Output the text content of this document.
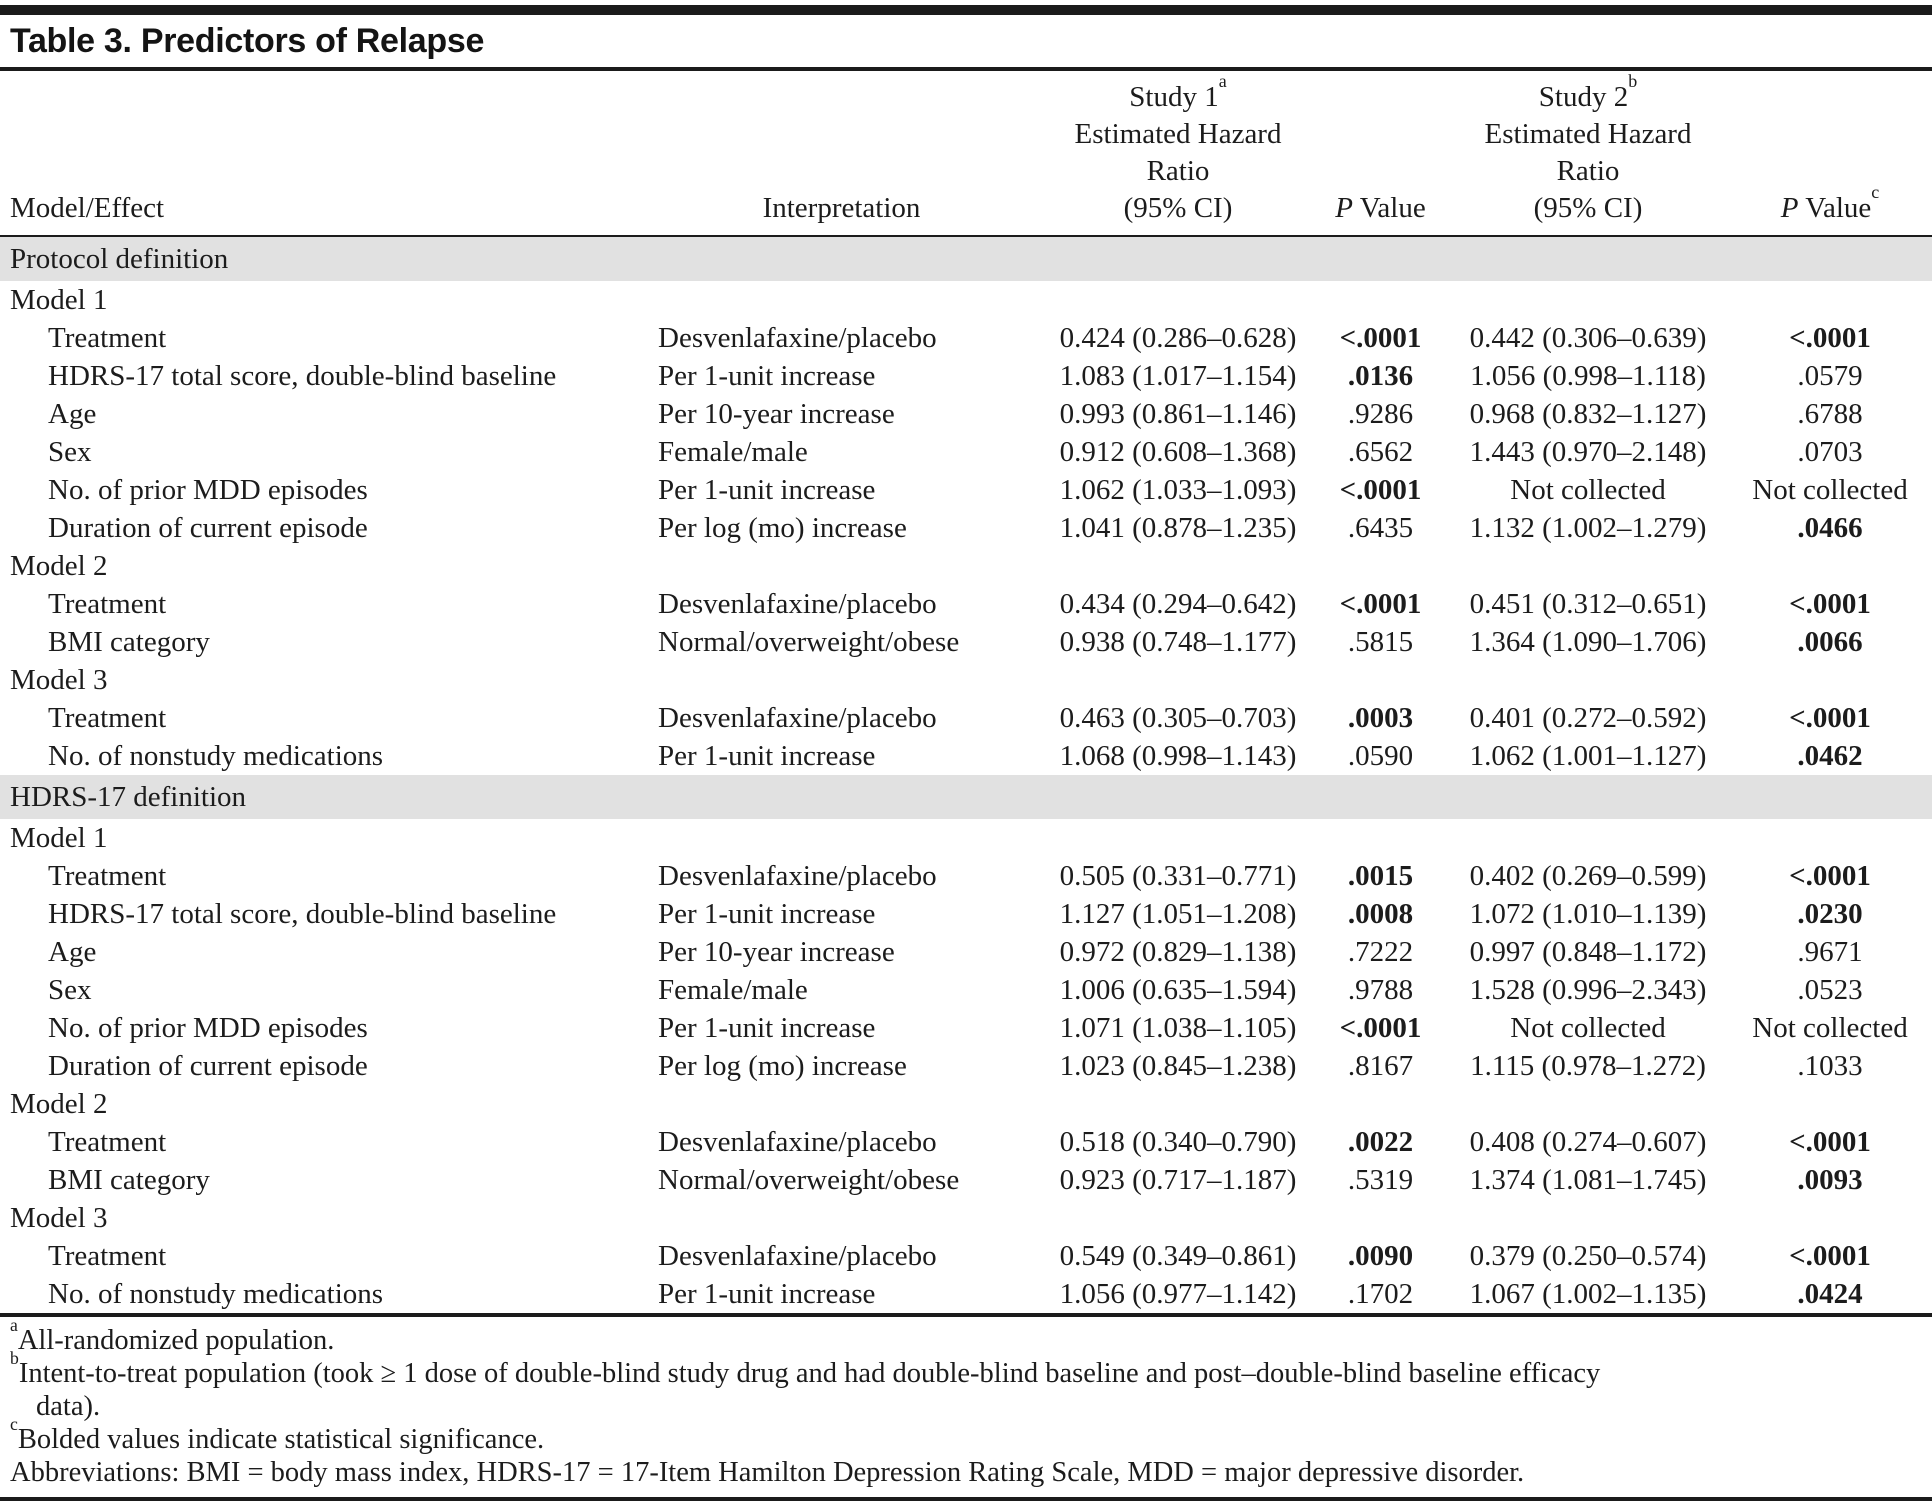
Table 3. Predictors of Relapse
Model/Effect	Interpretation

Study 1$^a$
Estimated Hazard
Ratio
(95% CI)	P Value

Study 2$^b$
Estimated Hazard
Ratio
(95% CI)	P Value$^c$

Protocol definition					
Model 1					
Treatment	Desvenlafaxine/placebo	0.424 (0.286–0.628)	<.0001	0.442 (0.306–0.639)	<.0001
HDRS-17 total score, double-blind baseline	Per 1-unit increase	1.083 (1.017–1.154)	.0136	1.056 (0.998–1.118)	.0579
Age	Per 10-year increase	0.993 (0.861–1.146)	.9286	0.968 (0.832–1.127)	.6788
Sex	Female/male	0.912 (0.608–1.368)	.6562	1.443 (0.970–2.148)	.0703
No. of prior MDD episodes	Per 1-unit increase	1.062 (1.033–1.093)	<.0001	Not collected	Not collected
Duration of current episode	Per log (mo) increase	1.041 (0.878–1.235)	.6435	1.132 (1.002–1.279)	.0466
Model 2					
Treatment	Desvenlafaxine/placebo	0.434 (0.294–0.642)	<.0001	0.451 (0.312–0.651)	<.0001
BMI category	Normal/overweight/obese	0.938 (0.748–1.177)	.5815	1.364 (1.090–1.706)	.0066
Model 3					
Treatment	Desvenlafaxine/placebo	0.463 (0.305–0.703)	.0003	0.401 (0.272–0.592)	<.0001
No. of nonstudy medications	Per 1-unit increase	1.068 (0.998–1.143)	.0590	1.062 (1.001–1.127)	.0462
HDRS-17 definition					
Model 1					
Treatment	Desvenlafaxine/placebo	0.505 (0.331–0.771)	.0015	0.402 (0.269–0.599)	<.0001
HDRS-17 total score, double-blind baseline	Per 1-unit increase	1.127 (1.051–1.208)	.0008	1.072 (1.010–1.139)	.0230
Age	Per 10-year increase	0.972 (0.829–1.138)	.7222	0.997 (0.848–1.172)	.9671
Sex	Female/male	1.006 (0.635–1.594)	.9788	1.528 (0.996–2.343)	.0523
No. of prior MDD episodes	Per 1-unit increase	1.071 (1.038–1.105)	<.0001	Not collected	Not collected
Duration of current episode	Per log (mo) increase	1.023 (0.845–1.238)	.8167	1.115 (0.978–1.272)	.1033
Model 2					
Treatment	Desvenlafaxine/placebo	0.518 (0.340–0.790)	.0022	0.408 (0.274–0.607)	<.0001
BMI category	Normal/overweight/obese	0.923 (0.717–1.187)	.5319	1.374 (1.081–1.745)	.0093
Model 3					
Treatment	Desvenlafaxine/placebo	0.549 (0.349–0.861)	.0090	0.379 (0.250–0.574)	<.0001
No. of nonstudy medications	Per 1-unit increase	1.056 (0.977–1.142)	.1702	1.067 (1.002–1.135)	.0424
$^a$All-randomized population.
$^b$Intent-to-treat population (took ≥ 1 dose of double-blind study drug and had double-blind baseline and post–double-blind baseline efficacy
data).
$^c$Bolded values indicate statistical significance.
Abbreviations: BMI = body mass index, HDRS-17 = 17-Item Hamilton Depression Rating Scale, MDD = major depressive disorder.
